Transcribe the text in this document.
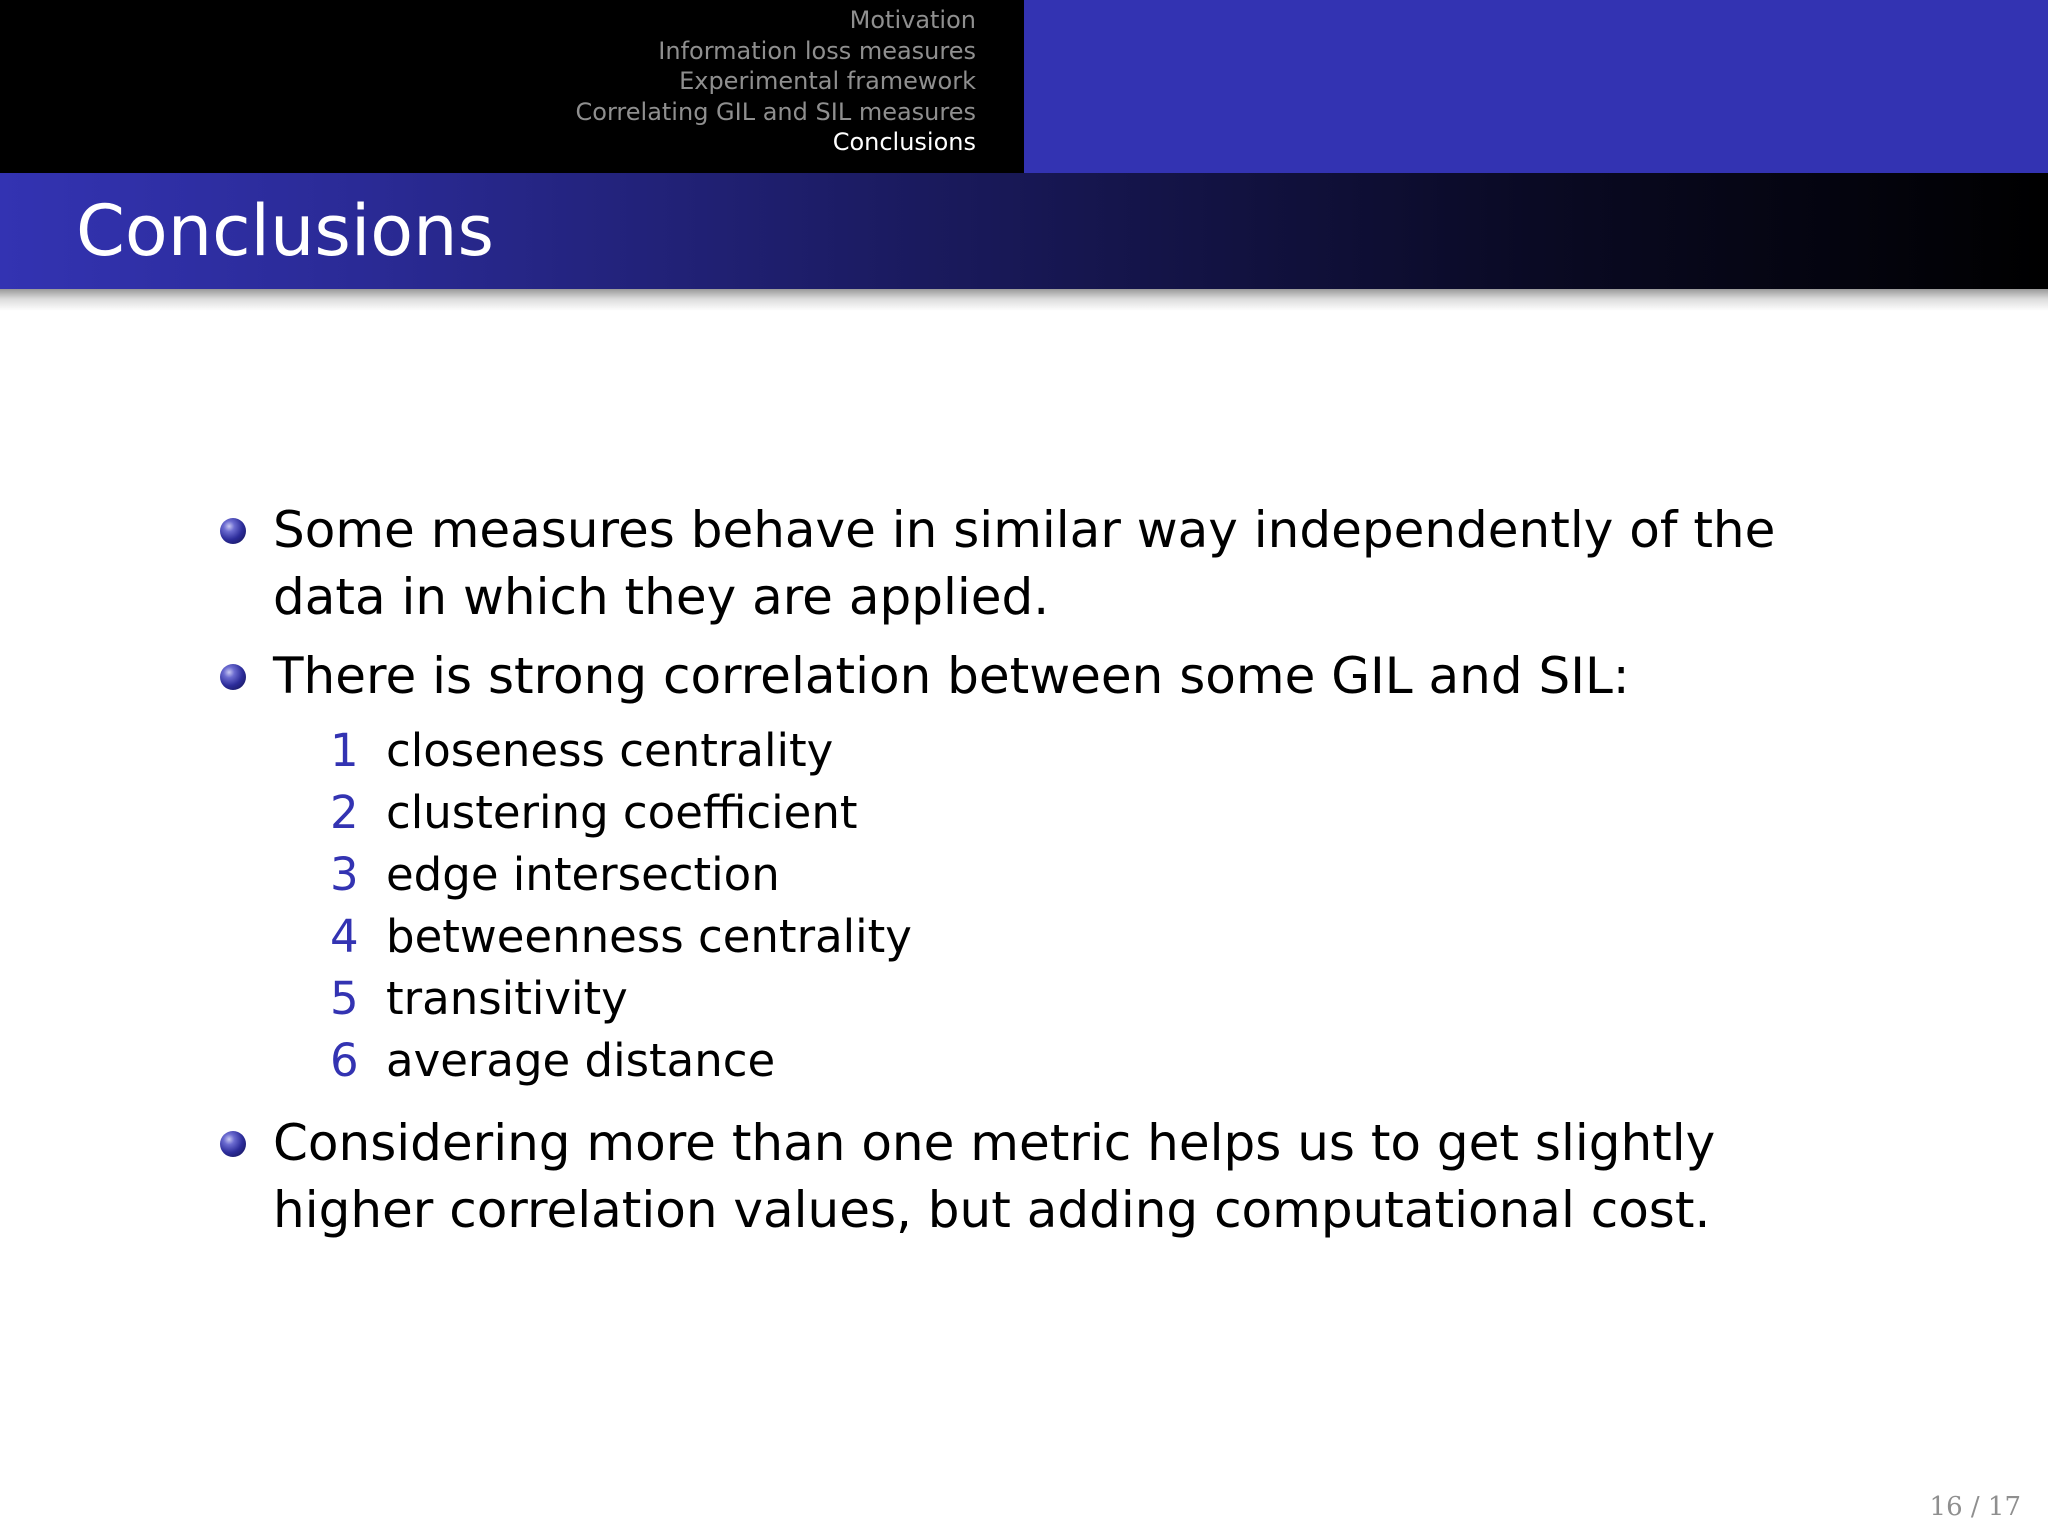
Motivation
Information loss measures
Experimental framework
Correlating GIL and SIL measures
Conclusions
Conclusions
Some measures behave in similar way independently of the data in which they are applied.
There is strong correlation between some GIL and SIL:
1 closeness centrality
2 clustering coefficient
3 edge intersection
4 betweenness centrality
5 transitivity
6 average distance
Considering more than one metric helps us to get slightly higher correlation values, but adding computational cost.
16 / 17
